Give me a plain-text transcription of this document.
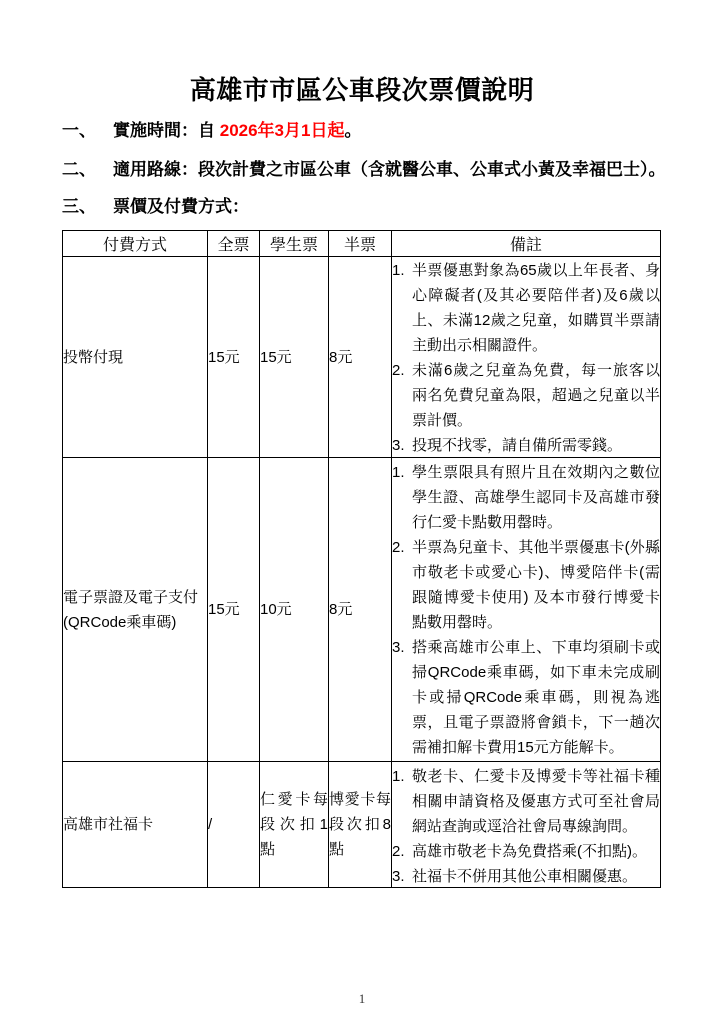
高雄市市區公車段次票價說明
一、 實施時間：自 2026年3月1日起。
二、 適用路線：段次計費之市區公車（含就醫公車、公車式小黃及幸福巴士）。
三、 票價及付費方式：
付費方式	全票	學生票	半票	備註

投幣付現	15元	15元	8元	
1. 半票優惠對象為65歲以上年長者、身心障礙者(及其必要陪伴者)及6歲以上、未滿12歲之兒童，如購買半票請主動出示相關證件。
2. 未滿6歲之兒童為免費，每一旅客以兩名免費兒童為限，超過之兒童以半票計價。
3. 投現不找零，請自備所需零錢。

電子票證及電子支付
(QRCode乘車碼)
	15元	10元	8元	
1. 學生票限具有照片且在效期內之數位學生證、高雄學生認同卡及高雄市發行仁愛卡點數用罄時。
2. 半票為兒童卡、其他半票優惠卡(外縣市敬老卡或愛心卡)、博愛陪伴卡(需跟隨博愛卡使用) 及本市發行博愛卡點數用罄時。
3. 搭乘高雄市公車上、下車均須刷卡或掃QRCode乘車碼，如下車未完成刷卡或掃QRCode乘車碼，則視為逃票，且電子票證將會鎖卡，下一趟次需補扣解卡費用15元方能解卡。

高雄市社福卡	/	仁愛卡每段次扣1點	博愛卡每段次扣8點	
1. 敬老卡、仁愛卡及博愛卡等社福卡種相關申請資格及優惠方式可至社會局網站查詢或逕洽社會局專線詢問。
2. 高雄市敬老卡為免費搭乘(不扣點)。
3. 社福卡不併用其他公車相關優惠。
1
